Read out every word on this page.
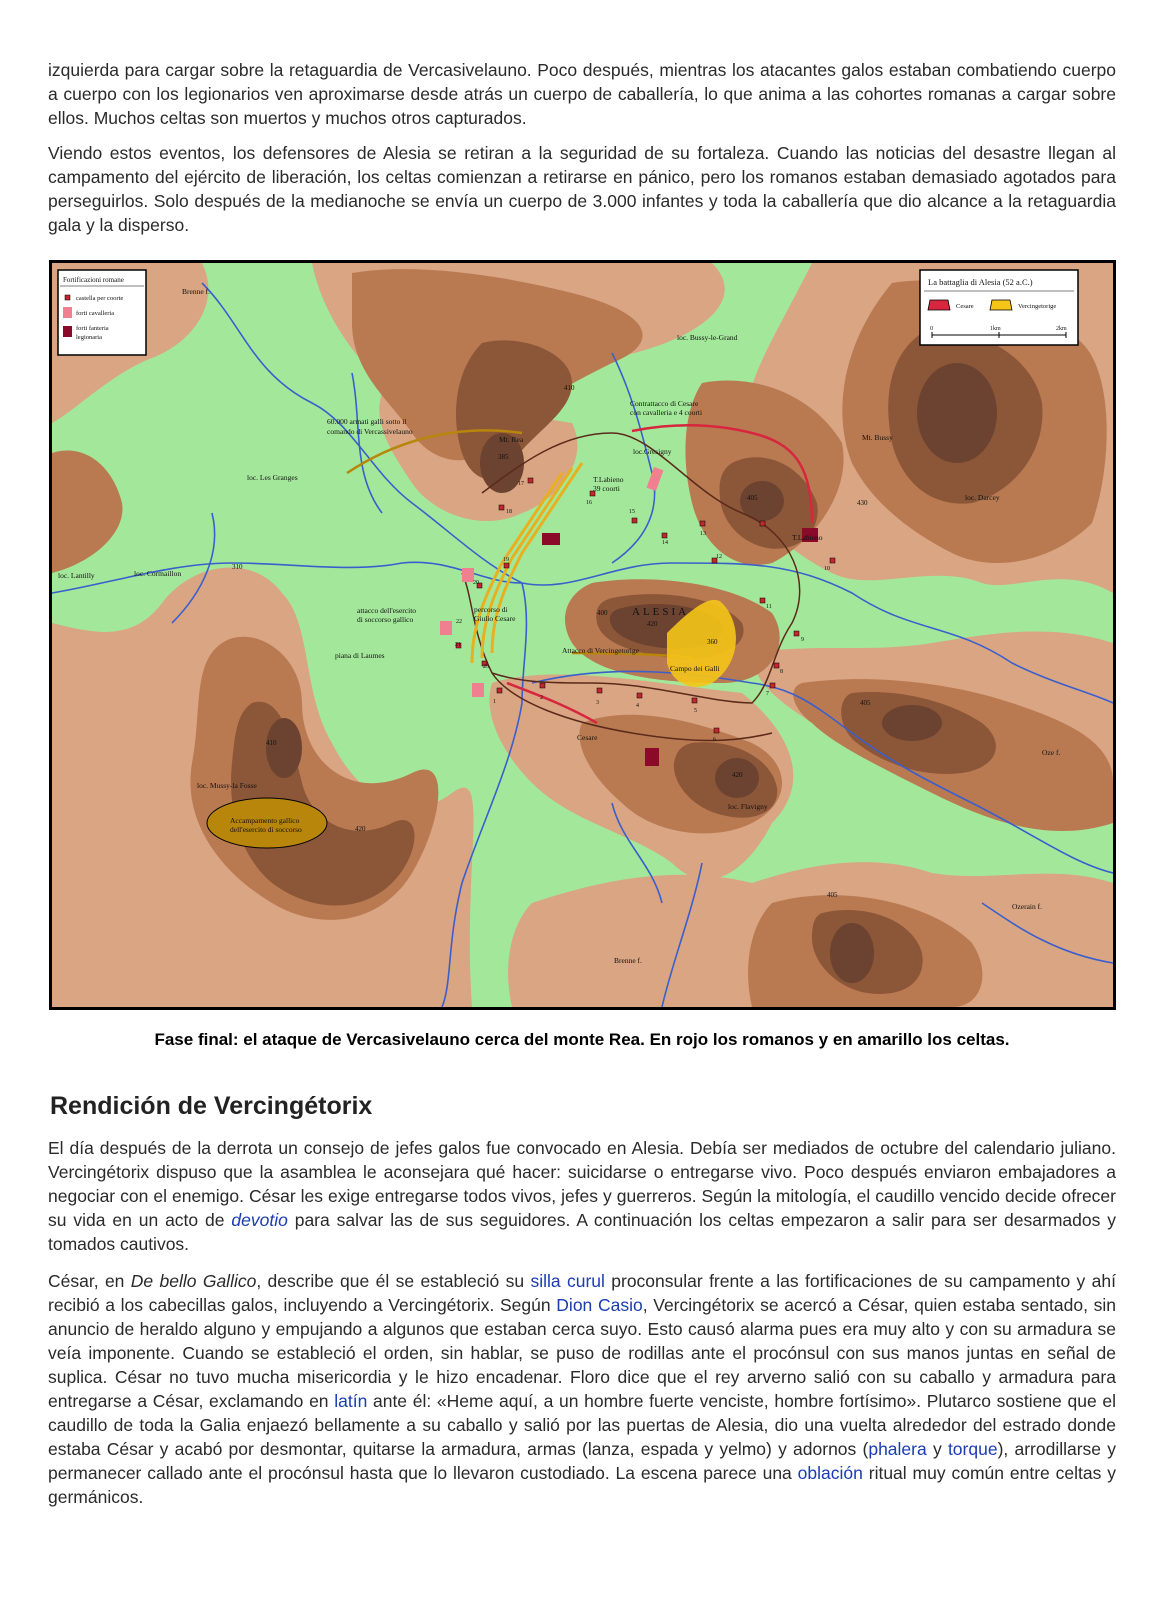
izquierda para cargar sobre la retaguardia de Vercasivelauno. Poco después, mientras los atacantes galos estaban combatiendo cuerpo a cuerpo con los legionarios ven aproximarse desde atrás un cuerpo de caballería, lo que anima a las cohortes romanas a cargar sobre ellos. Muchos celtas son muertos y muchos otros capturados.

Viendo estos eventos, los defensores de Alesia se retiran a la seguridad de su fortaleza. Cuando las noticias del desastre llegan al campamento del ejército de liberación, los celtas comienzan a retirarse en pánico, pero los romanos estaban demasiado agotados para perseguirlos. Solo después de la medianoche se envía un cuerpo de 3.000 infantes y toda la caballería que dio alcance a la retaguardia gala y la disperso.

Brenne f.
loc. Bussy-le-Grand
loc. Les Granges
60.000 armati galli sotto il
comando di Vercassivelauno
Mt. Rea
Contrattacco di Cesare
con cavalleria e 4 coorti
loc.Gresigny
Mt. Bussy
loc. Darcey
T.Labieno
39 coorti
T.Labieno
loc. Lantilly	loc. Cormaillon
attacco dell'esercito
di soccorso gallico
percorso di
Giulio Cesare
piana di Laumes
Attacco di Vercingetorige
Campo dei Galli
Cesare
loc. Mussy-la Fosse
loc. Flavigny
Accampamento gallico
dell'esercito di soccorso
Oze f.
Ozerain f.
Brenne f.
ALESIA
410
385
405
430
310
400
420
360
405
410
420
420
405
1
2
3	4
5
6
7
8
9
10
11
12
13
14
15
16
17
18
19
20
21
22
23
Fortificazioni romane
castella per coorte
forti cavalleria
forti fanteria
legionaria
La battaglia di Alesia (52 a.C.)
Cesare	Vercingetorige
0	1km	2km
Fase final: el ataque de Vercasivelauno cerca del monte Rea. En rojo los romanos y en amarillo los celtas.
Rendición de Vercingétorix

El día después de la derrota un consejo de jefes galos fue convocado en Alesia. Debía ser mediados de octubre del calendario juliano. Vercingétorix dispuso que la asamblea le aconsejara qué hacer: suicidarse o entregarse vivo. Poco después enviaron embajadores a negociar con el enemigo. César les exige entregarse todos vivos, jefes y guerreros. Según la mitología, el caudillo vencido decide ofrecer su vida en un acto de devotio para salvar las de sus seguidores. A continuación los celtas empezaron a salir para ser desarmados y tomados cautivos.

César, en De bello Gallico, describe que él se estableció su silla curul proconsular frente a las fortificaciones de su campamento y ahí recibió a los cabecillas galos, incluyendo a Vercingétorix. Según Dion Casio, Vercingétorix se acercó a César, quien estaba sentado, sin anuncio de heraldo alguno y empujando a algunos que estaban cerca suyo. Esto causó alarma pues era muy alto y con su armadura se veía imponente. Cuando se estableció el orden, sin hablar, se puso de rodillas ante el procónsul con sus manos juntas en señal de suplica. César no tuvo mucha misericordia y le hizo encadenar. Floro dice que el rey arverno salió con su caballo y armadura para entregarse a César, exclamando en latín ante él: «Heme aquí, a un hombre fuerte venciste, hombre fortísimo». Plutarco sostiene que el caudillo de toda la Galia enjaezó bellamente a su caballo y salió por las puertas de Alesia, dio una vuelta alrededor del estrado donde estaba César y acabó por desmontar, quitarse la armadura, armas (lanza, espada y yelmo) y adornos (phalera y torque), arrodillarse y permanecer callado ante el procónsul hasta que lo llevaron custodiado. La escena parece una oblación ritual muy común entre celtas y germánicos.
